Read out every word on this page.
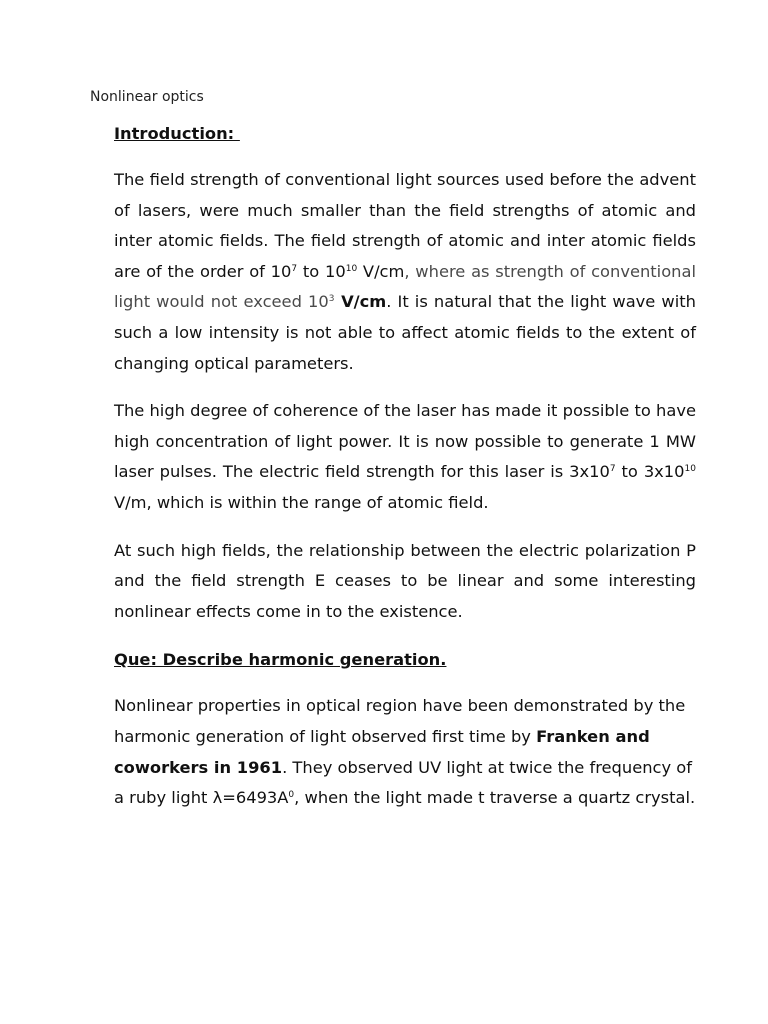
Nonlinear optics
Introduction:

The field strength of conventional light sources used before the advent of lasers, were much smaller than the field strengths of atomic and inter atomic fields. The field strength of atomic and inter atomic fields are of the order of $10^7$ to $10^{10}$ V/cm, where as strength of conventional light would not exceed $10^3$ V/cm. It is natural that the light wave with such a low intensity is not able to affect atomic fields to the extent of changing optical parameters.

The high degree of coherence of the laser has made it possible to have high concentration of light power. It is now possible to generate 1 MW laser pulses. The electric field strength for this laser is $3x10^7$ to $3x10^{10}$ V/m, which is within the range of atomic field.

At such high fields, the relationship between the electric polarization P and the field strength E ceases to be linear and some interesting nonlinear effects come in to the existence.

Que: Describe harmonic generation.

Nonlinear properties in optical region have been demonstrated by the harmonic generation of light observed first time by Franken and coworkers in 1961. They observed UV light at twice the frequency of a ruby light $\lambda=6493A^0$, when the light made t traverse a quartz crystal.
